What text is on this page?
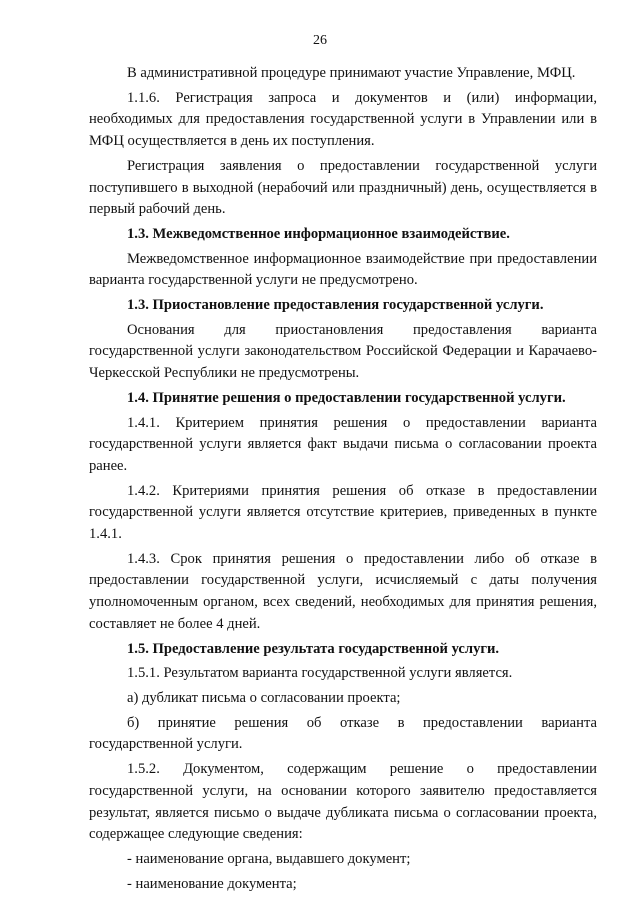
26

В административной процедуре принимают участие Управление, МФЦ.

1.1.6. Регистрация запроса и документов и (или) информации, необходимых для предоставления государственной услуги в Управлении или в МФЦ осуществляется в день их поступления.

Регистрация заявления о предоставлении государственной услуги поступившего в выходной (нерабочий или праздничный) день, осуществляется в первый рабочий день.

1.3. Межведомственное информационное взаимодействие.

Межведомственное информационное взаимодействие при предоставлении варианта государственной услуги не предусмотрено.

1.3. Приостановление предоставления государственной услуги.

Основания для приостановления предоставления варианта государственной услуги законодательством Российской Федерации и Карачаево-Черкесской Республики не предусмотрены.

1.4. Принятие решения о предоставлении государственной услуги.

1.4.1. Критерием принятия решения о предоставлении варианта государственной услуги является факт выдачи письма о согласовании проекта ранее.

1.4.2. Критериями принятия решения об отказе в предоставлении государственной услуги является отсутствие критериев, приведенных в пункте 1.4.1.

1.4.3. Срок принятия решения о предоставлении либо об отказе в предоставлении государственной услуги, исчисляемый с даты получения уполномоченным органом, всех сведений, необходимых для принятия решения, составляет не более 4 дней.

1.5. Предоставление результата государственной услуги.

1.5.1. Результатом варианта государственной услуги является.

а) дубликат письма о согласовании проекта;

б) принятие решения об отказе в предоставлении варианта государственной услуги.

1.5.2. Документом, содержащим решение о предоставлении государственной услуги, на основании которого заявителю предоставляется результат, является письмо о выдаче дубликата письма о согласовании проекта, содержащее следующие сведения:

- наименование органа, выдавшего документ;

- наименование документа;
